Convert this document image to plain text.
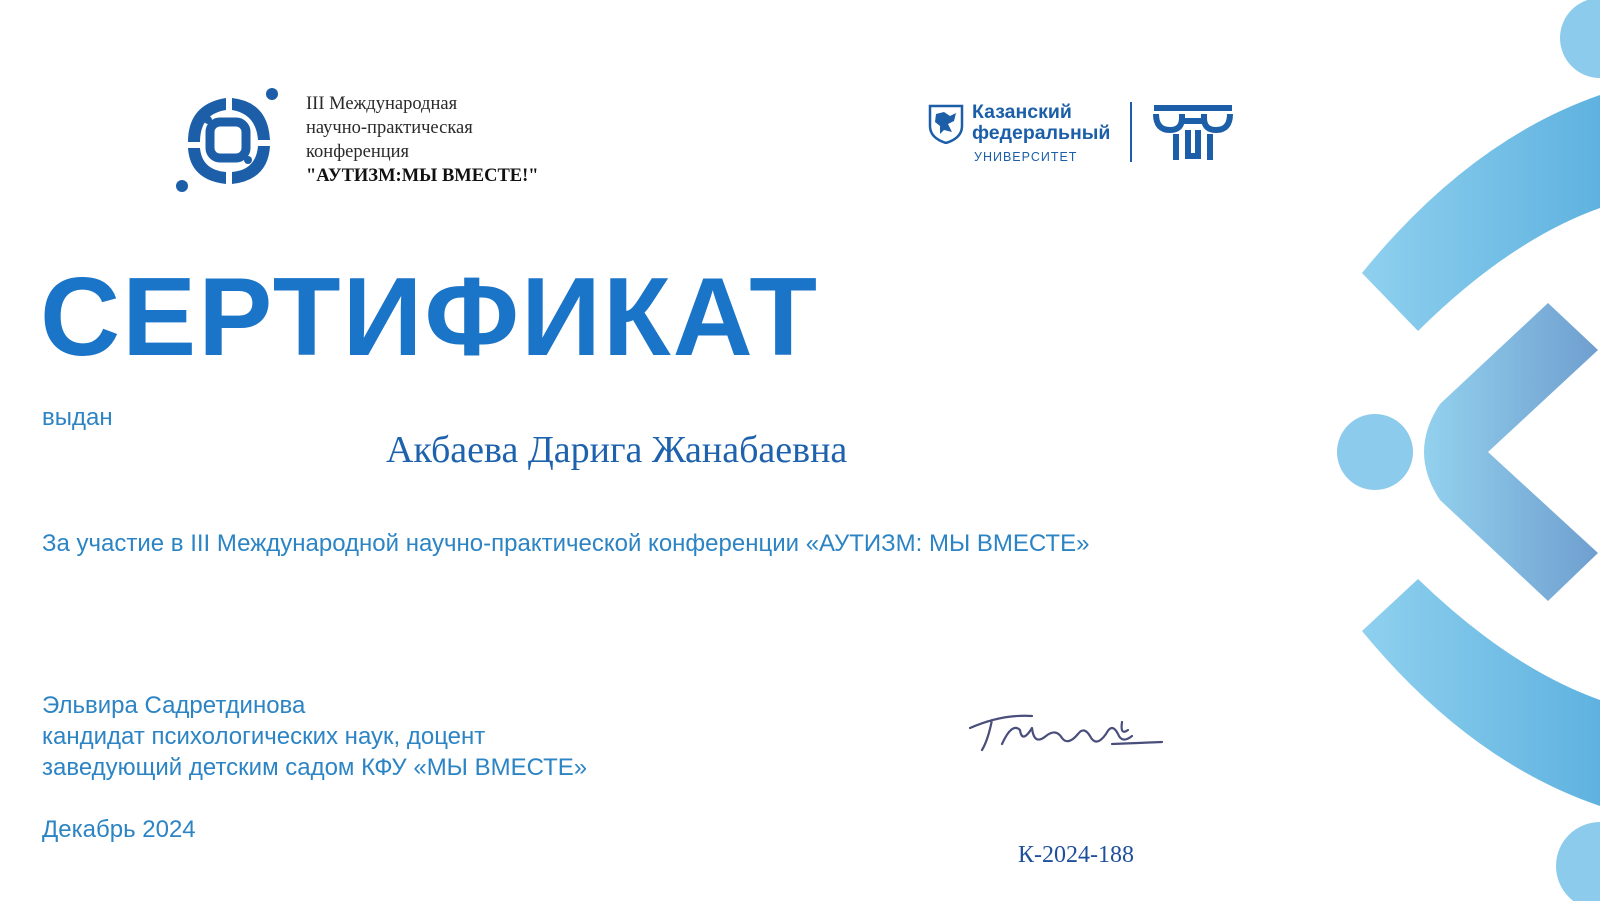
III Международная
научно-практическая
конференция
"АУТИЗМ:МЫ ВМЕСТЕ!"
Казанский
федеральный
УНИВЕРСИТЕТ
СЕРТИФИКАТ
выдан
Акбаева Дарига Жанабаевна
За участие в III Международной научно-практической конференции «АУТИЗМ: МЫ ВМЕСТЕ»
Эльвира Садретдинова
кандидат психологических наук, доцент
заведующий детским садом КФУ «МЫ ВМЕСТЕ»
Декабрь 2024
К-2024-188
